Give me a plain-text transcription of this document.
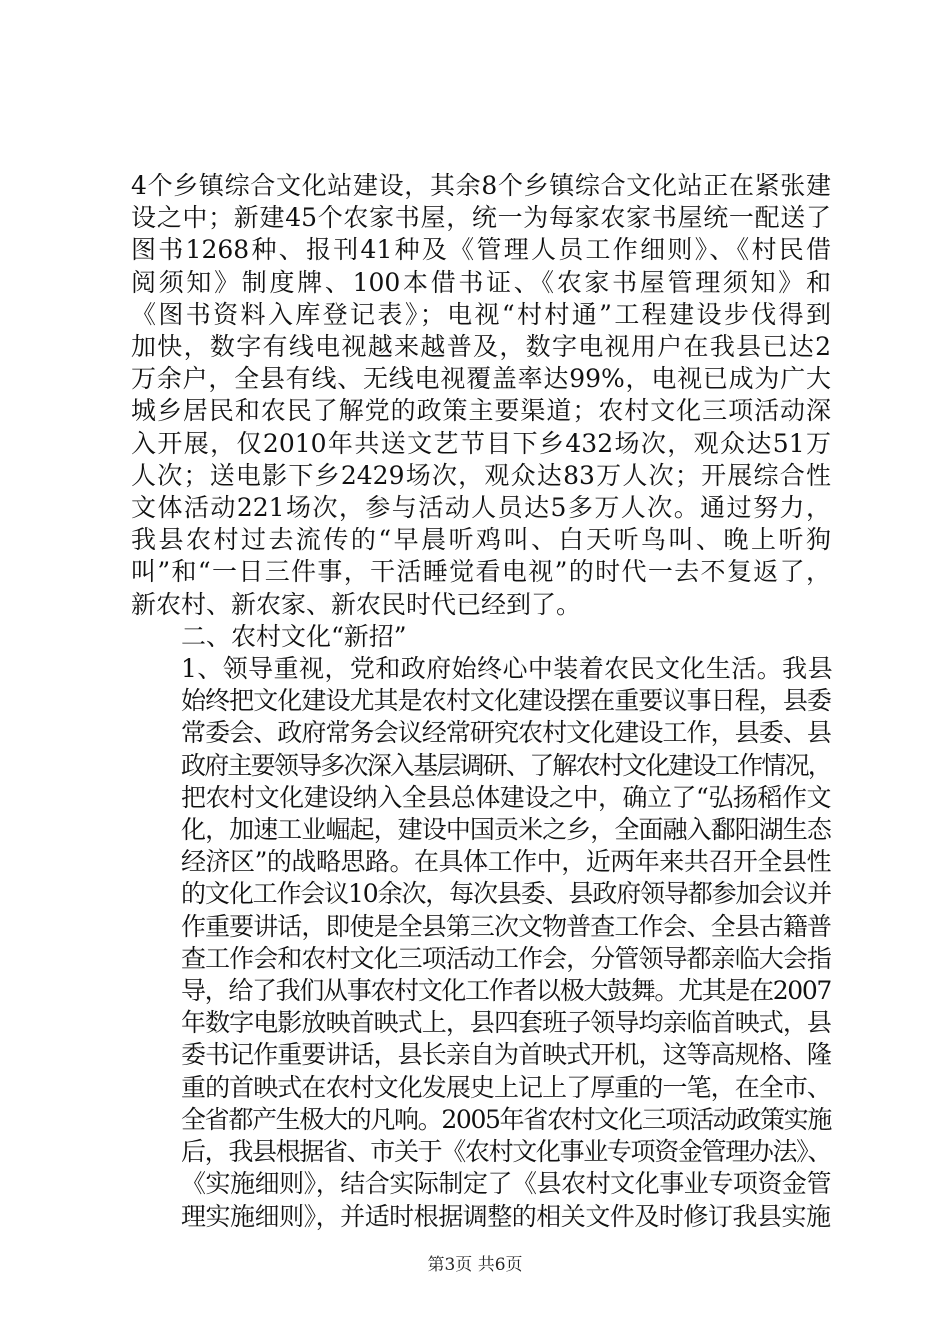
4个乡镇综合文化站建设，其余8个乡镇综合文化站正在紧张建
设之中；新建45个农家书屋，统一为每家农家书屋统一配送了
图书1268种、报刊41种及《管理人员工作细则》、《村民借
阅须知》制度牌、100本借书证、《农家书屋管理须知》和
《图书资料入库登记表》；电视“村村通”工程建设步伐得到
加快，数字有线电视越来越普及，数字电视用户在我县已达2
万余户，全县有线、无线电视覆盖率达99%，电视已成为广大
城乡居民和农民了解党的政策主要渠道；农村文化三项活动深
入开展，仅2010年共送文艺节目下乡432场次，观众达51万
人次；送电影下乡2429场次，观众达83万人次；开展综合性
文体活动221场次，参与活动人员达5多万人次。通过努力，
我县农村过去流传的“早晨听鸡叫、白天听鸟叫、晚上听狗
叫”和“一日三件事，干活睡觉看电视”的时代一去不复返了，
新农村、新农家、新农民时代已经到了。
二、农村文化“新招”
1、领导重视，党和政府始终心中装着农民文化生活。我县
始终把文化建设尤其是农村文化建设摆在重要议事日程，县委
常委会、政府常务会议经常研究农村文化建设工作，县委、县
政府主要领导多次深入基层调研、了解农村文化建设工作情况，
把农村文化建设纳入全县总体建设之中，确立了“弘扬稻作文
化，加速工业崛起，建设中国贡米之乡，全面融入鄱阳湖生态
经济区”的战略思路。在具体工作中，近两年来共召开全县性
的文化工作会议10余次，每次县委、县政府领导都参加会议并
作重要讲话，即使是全县第三次文物普查工作会、全县古籍普
查工作会和农村文化三项活动工作会，分管领导都亲临大会指
导，给了我们从事农村文化工作者以极大鼓舞。尤其是在2007
年数字电影放映首映式上，县四套班子领导均亲临首映式，县
委书记作重要讲话，县长亲自为首映式开机，这等高规格、隆
重的首映式在农村文化发展史上记上了厚重的一笔，在全市、
全省都产生极大的凡响。2005年省农村文化三项活动政策实施
后，我县根据省、市关于《农村文化事业专项资金管理办法》、
《实施细则》，结合实际制定了《县农村文化事业专项资金管
理实施细则》，并适时根据调整的相关文件及时修订我县实施
第3页 共6页
